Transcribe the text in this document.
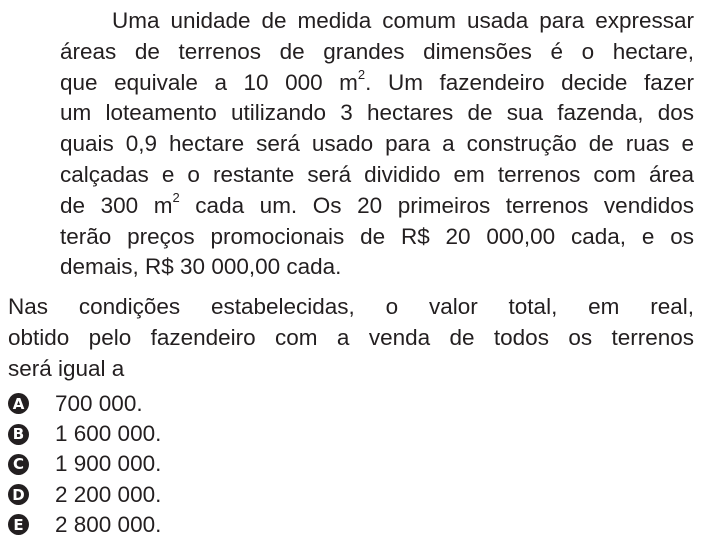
Uma unidade de medida comum usada para expressar
áreas de terrenos de grandes dimensões é o hectare,
que equivale a 10 000 $m^2$. Um fazendeiro decide fazer
um loteamento utilizando 3 hectares de sua fazenda, dos
quais 0,9 hectare será usado para a construção de ruas e
calçadas e o restante será dividido em terrenos com área
de 300 $m^2$ cada um. Os 20 primeiros terrenos vendidos
terão preços promocionais de R$ 20 000,00 cada, e os
demais, R$ 30 000,00 cada.

Nas condições estabelecidas, o valor total, em real,
obtido pelo fazendeiro com a venda de todos os terrenos
será igual a

A 700 000.
B 1 600 000.
C 1 900 000.
D 2 200 000.
E 2 800 000.
